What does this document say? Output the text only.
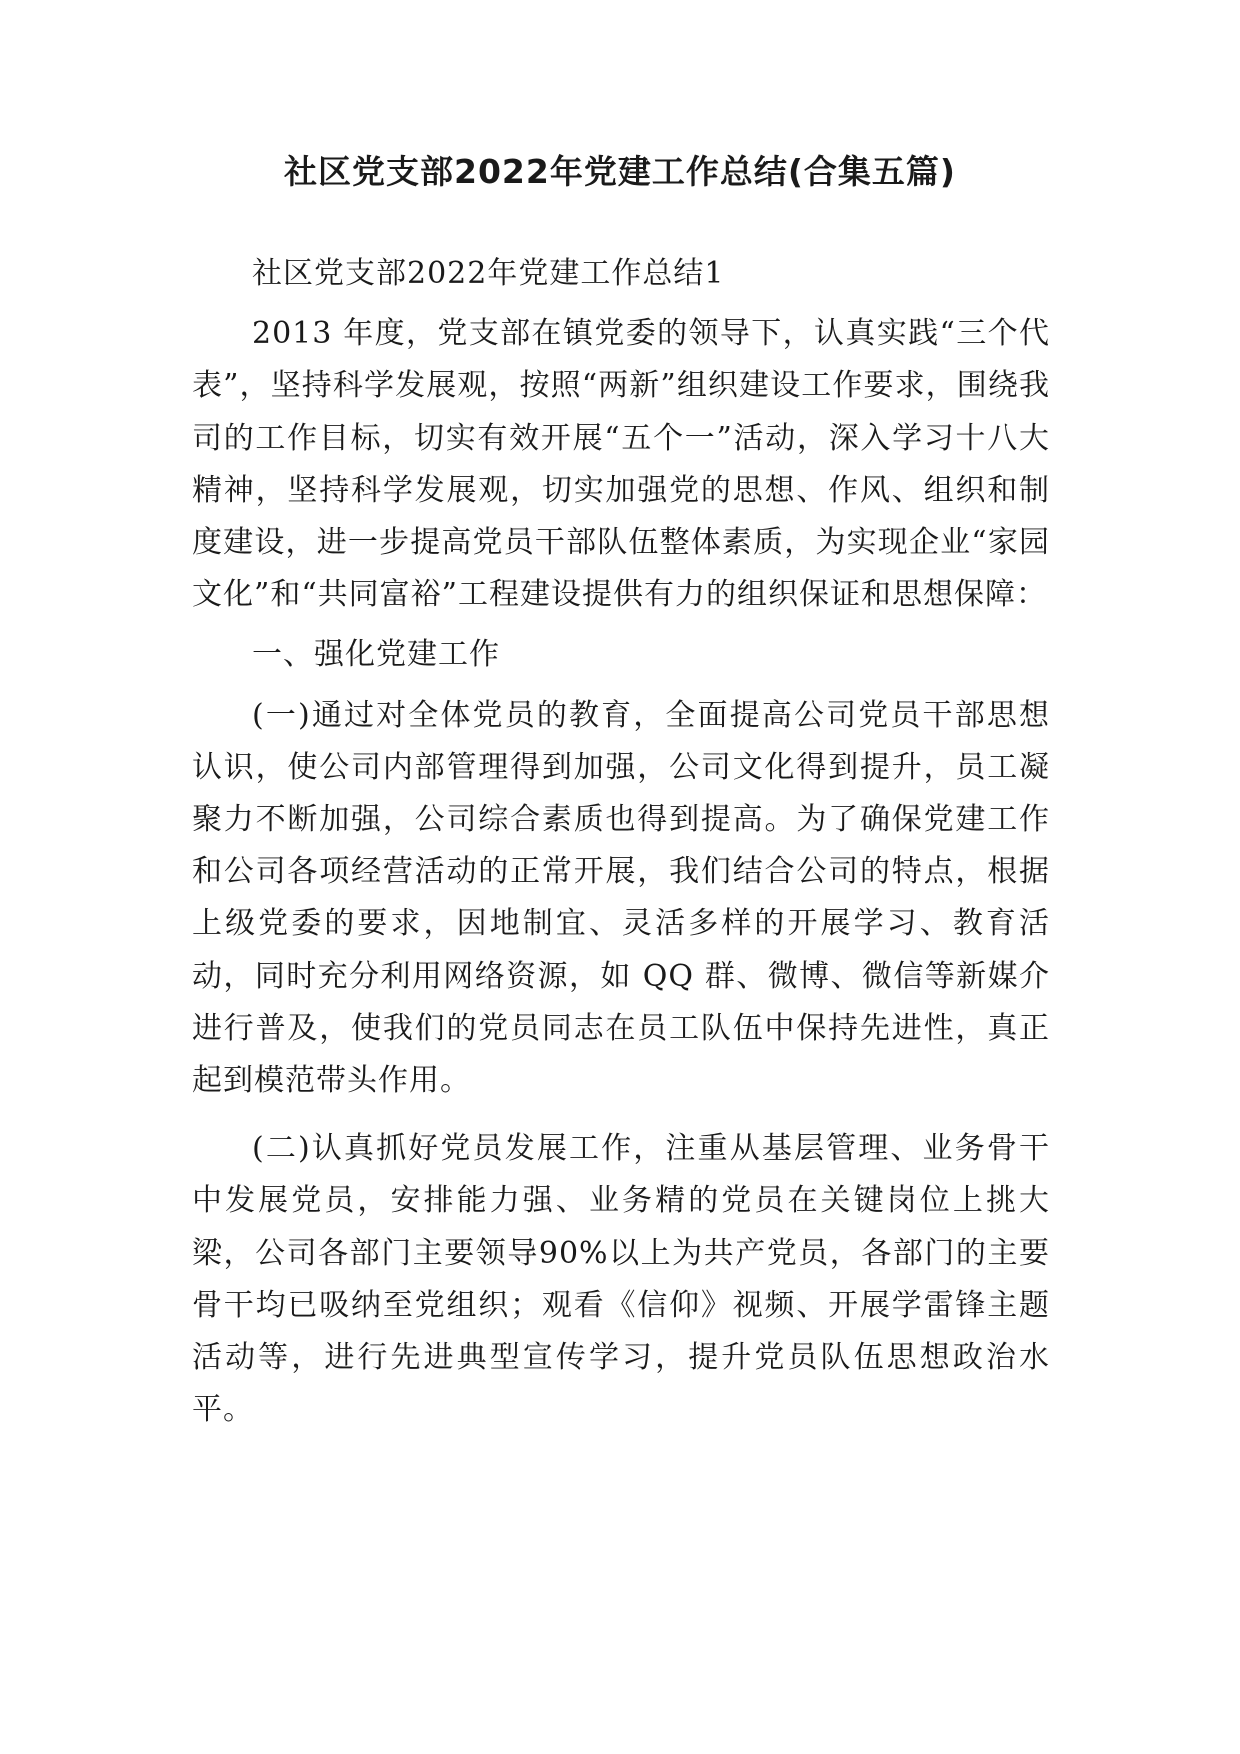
社区党支部2022年党建工作总结(合集五篇)

社区党支部2022年党建工作总结1

2013 年度，党支部在镇党委的领导下，认真实践“三个代表”，坚持科学发展观，按照“两新”组织建设工作要求，围绕我司的工作目标，切实有效开展“五个一”活动，深入学习十八大精神，坚持科学发展观，切实加强党的思想、作风、组织和制度建设，进一步提高党员干部队伍整体素质，为实现企业“家园文化”和“共同富裕”工程建设提供有力的组织保证和思想保障：

一、强化党建工作

(一)通过对全体党员的教育，全面提高公司党员干部思想认识，使公司内部管理得到加强，公司文化得到提升，员工凝聚力不断加强，公司综合素质也得到提高。为了确保党建工作和公司各项经营活动的正常开展，我们结合公司的特点，根据上级党委的要求，因地制宜、灵活多样的开展学习、教育活动，同时充分利用网络资源，如 QQ 群、微博、微信等新媒介进行普及，使我们的党员同志在员工队伍中保持先进性，真正起到模范带头作用。

(二)认真抓好党员发展工作，注重从基层管理、业务骨干中发展党员，安排能力强、业务精的党员在关键岗位上挑大梁，公司各部门主要领导90%以上为共产党员，各部门的主要骨干均已吸纳至党组织；观看《信仰》视频、开展学雷锋主题活动等，进行先进典型宣传学习，提升党员队伍思想政治水平。
